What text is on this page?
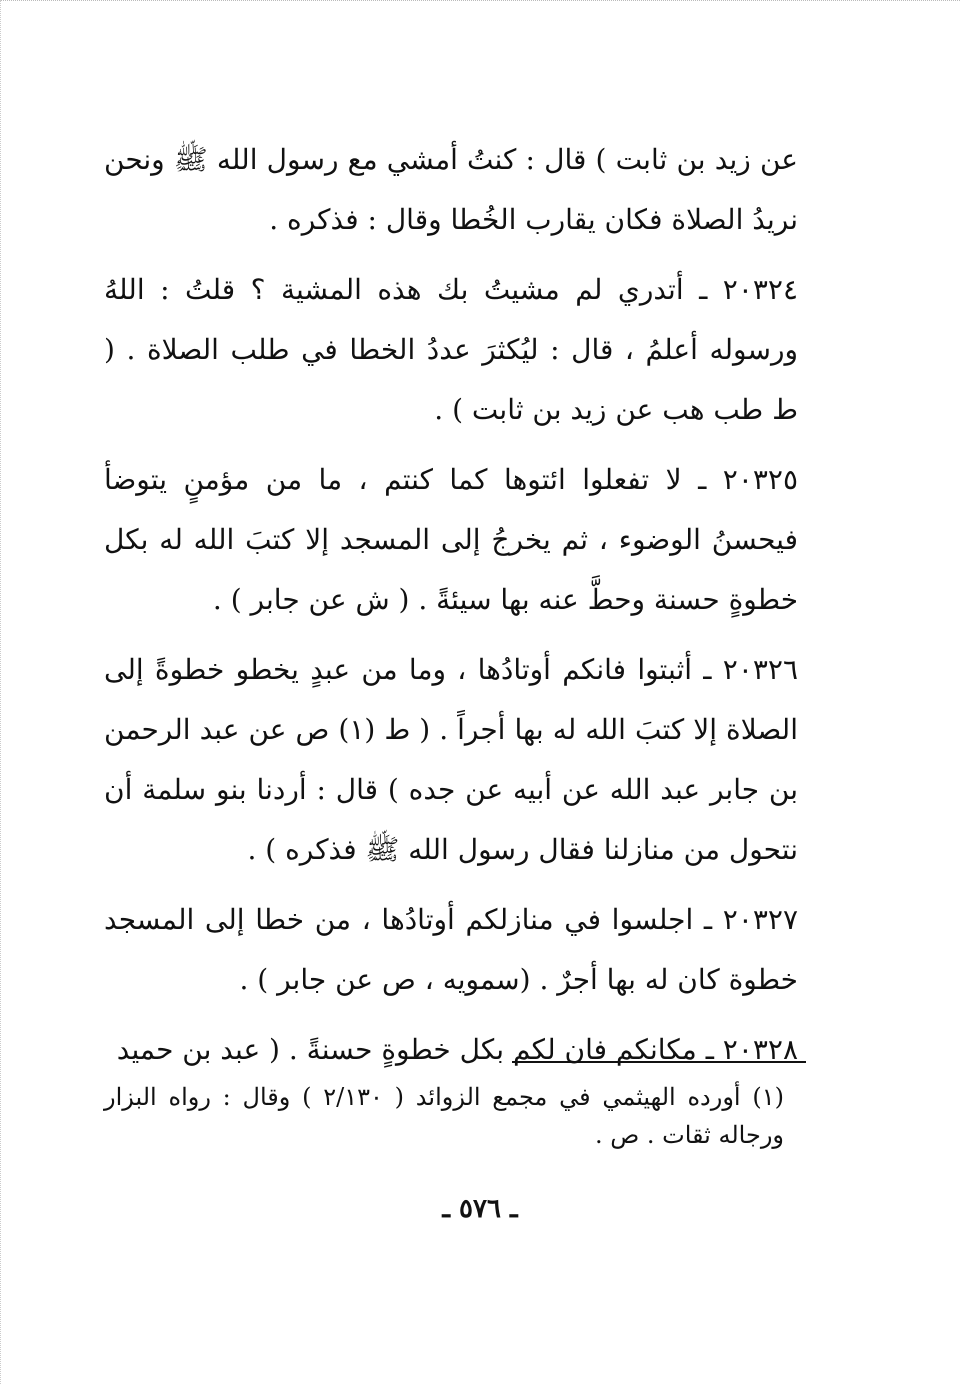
عن زيد بن ثابت ) قال : كنتُ أمشي مع رسول الله ﷺ ونحن نريدُ الصلاة فكان يقارب الخُطا وقال : فذكره .

٢٠٣٢٤ ـ أتدري لم مشيتُ بك هذه المشية ؟ قلتُ : اللهُ ورسوله أعلمُ ، قال : ليُكثرَ عددُ الخطا في طلب الصلاة . ( ط طب هب عن زيد بن ثابت ) .

٢٠٣٢٥ ـ لا تفعلوا ائتوها كما كنتم ، ما من مؤمنٍ يتوضأ فيحسنُ الوضوء ، ثم يخرجُ إلى المسجد إلا كتبَ الله له بكل خطوةٍ حسنة وحطَّ عنه بها سيئةً . ( ش عن جابر ) .

٢٠٣٢٦ ـ أثبتوا فانكم أوتادُها ، وما من عبدٍ يخطو خطوةً إلى الصلاة إلا كتبَ الله له بها أجراً . ( ط (١) ص عن عبد الرحمن بن جابر عبد الله عن أبيه عن جده ) قال : أردنا بنو سلمة أن نتحول من منازلنا فقال رسول الله ﷺ فذكره ) .

٢٠٣٢٧ ـ اجلسوا في منازلكم أوتادُها ، من خطا إلى المسجد خطوة كان له بها أجرٌ . (سمويه ، ص عن جابر ) .

٢٠٣٢٨ ـ مكانكم فان لكم بكل خطوةٍ حسنةً . ( عبد بن حميد

(١) أورده الهيثمي في مجمع الزوائد ( ٢/١٣٠ ) وقال : رواه البزار ورجاله ثقات . ص .
ـ ٥٧٦ ـ
